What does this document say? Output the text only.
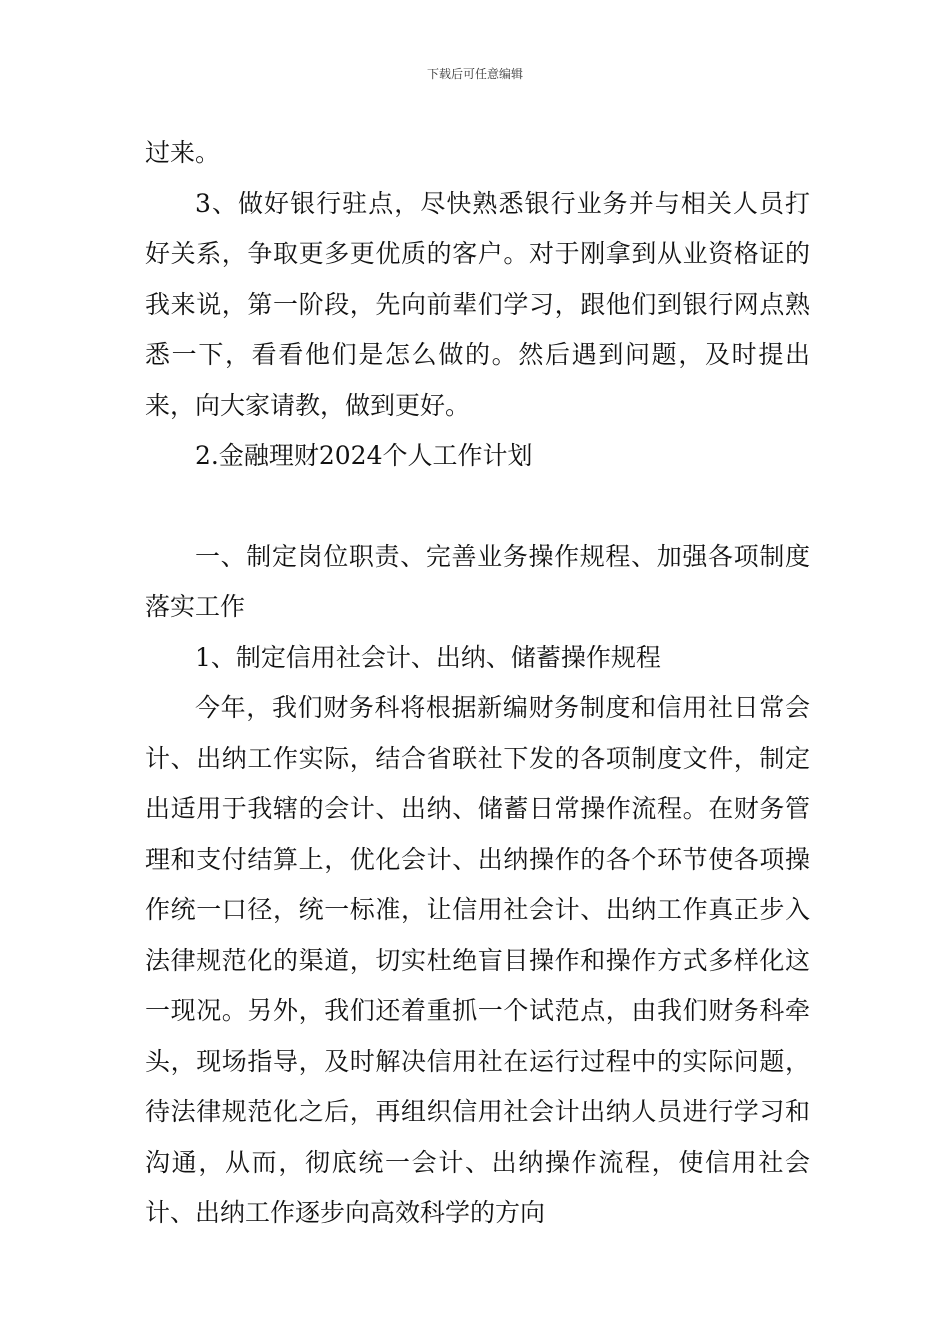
下载后可任意编辑

过来。

3、做好银行驻点，尽快熟悉银行业务并与相关人员打好关系，争取更多更优质的客户。对于刚拿到从业资格证的我来说，第一阶段，先向前辈们学习，跟他们到银行网点熟悉一下，看看他们是怎么做的。然后遇到问题，及时提出来，向大家请教，做到更好。

2.金融理财2024个人工作计划

一、制定岗位职责、完善业务操作规程、加强各项制度落实工作

1、制定信用社会计、出纳、储蓄操作规程

今年，我们财务科将根据新编财务制度和信用社日常会计、出纳工作实际，结合省联社下发的各项制度文件，制定出适用于我辖的会计、出纳、储蓄日常操作流程。在财务管理和支付结算上，优化会计、出纳操作的各个环节使各项操作统一口径，统一标准，让信用社会计、出纳工作真正步入法律规范化的渠道，切实杜绝盲目操作和操作方式多样化这一现况。另外，我们还着重抓一个试范点，由我们财务科牵头，现场指导，及时解决信用社在运行过程中的实际问题，待法律规范化之后，再组织信用社会计出纳人员进行学习和沟通，从而，彻底统一会计、出纳操作流程，使信用社会计、出纳工作逐步向高效科学的方向
